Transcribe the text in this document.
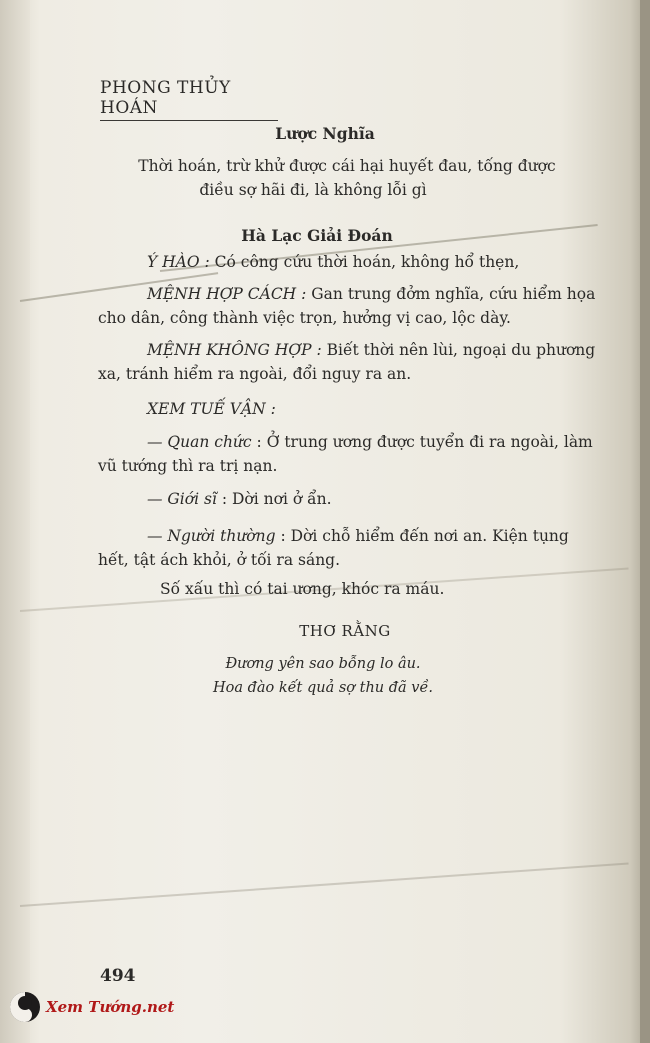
PHONG THỦY HOÁN
Lược Nghĩa
Thời hoán, trừ khử được cái hại huyết đau, tống được
điều sợ hãi đi, là không lỗi gì
Hà Lạc Giải Đoán
Ý HÀO : Có công cứu thời hoán, không hổ thẹn,
MỆNH HỢP CÁCH : Gan trung đởm nghĩa, cứu hiểm họa
cho dân, công thành việc trọn, hưởng vị cao, lộc dày.
MỆNH KHÔNG HỢP : Biết thời nên lùi, ngoại du phương
xa, tránh hiểm ra ngoài, đổi nguy ra an.
XEM TUẾ VẬN :
— Quan chức : Ở trung ương được tuyển đi ra ngoài, làm
vũ tướng thì ra trị nạn.
— Giới sĩ : Dời nơi ở ẩn.
— Người thường : Dời chỗ hiểm đến nơi an. Kiện tụng
hết, tật ách khỏi, ở tối ra sáng.
Số xấu thì có tai ương, khóc ra máu.
THƠ RẰNG
Đương yên sao bỗng lo âu.
Hoa đào kết quả sợ thu đã về.
494
Xem Tướng.net
